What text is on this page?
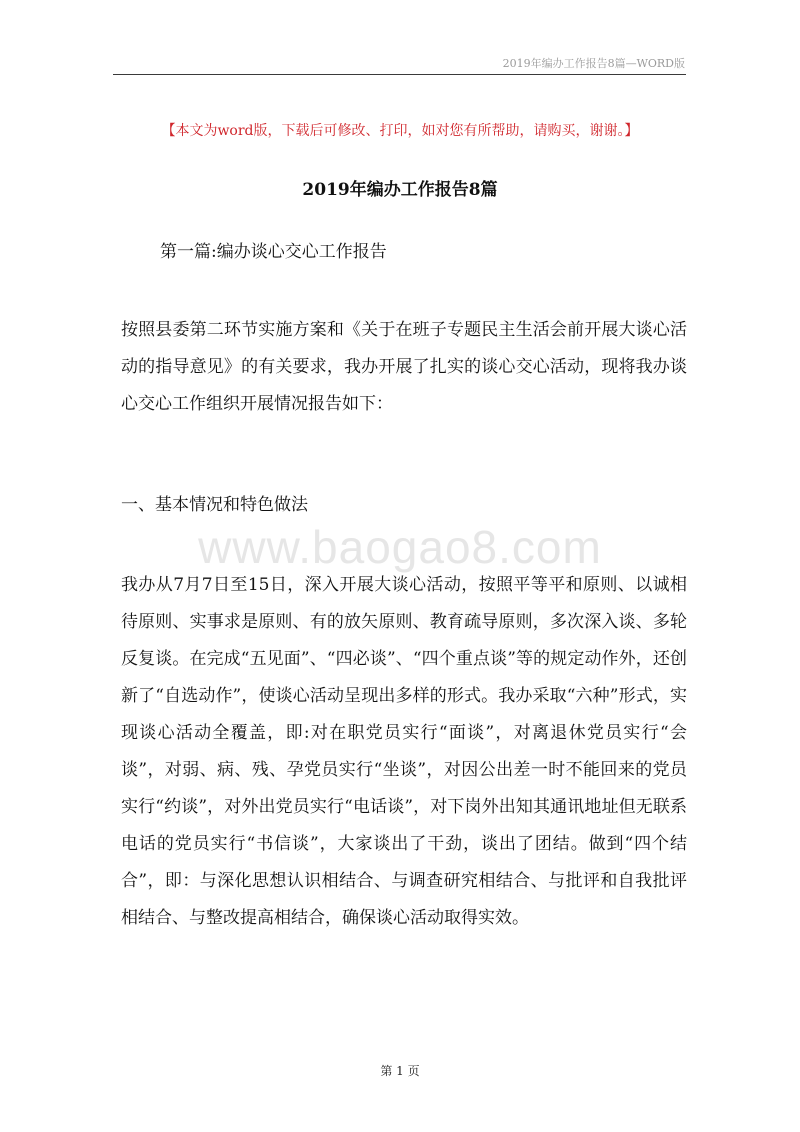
2019年编办工作报告8篇—WORD版
【本文为word版，下载后可修改、打印，如对您有所帮助，请购买，谢谢。】
2019年编办工作报告8篇
第一篇:编办谈心交心工作报告

按照县委第二环节实施方案和《关于在班子专题民主生活会前开展大谈心活动的指导意见》的有关要求，我办开展了扎实的谈心交心活动，现将我办谈心交心工作组织开展情况报告如下：

一、基本情况和特色做法
www.baogao8.com

我办从7月7日至15日，深入开展大谈心活动，按照平等平和原则、以诚相待原则、实事求是原则、有的放矢原则、教育疏导原则，多次深入谈、多轮反复谈。在完成“五见面”、“四必谈”、“四个重点谈”等的规定动作外，还创新了“自选动作”，使谈心活动呈现出多样的形式。我办采取“六种”形式，实现谈心活动全覆盖，即:对在职党员实行“面谈”，对离退休党员实行“会谈”，对弱、病、残、孕党员实行“坐谈”，对因公出差一时不能回来的党员实行“约谈”，对外出党员实行“电话谈”，对下岗外出知其通讯地址但无联系电话的党员实行“书信谈”，大家谈出了干劲，谈出了团结。做到“四个结合”，即：与深化思想认识相结合、与调查研究相结合、与批评和自我批评相结合、与整改提高相结合，确保谈心活动取得实效。

第 1 页
